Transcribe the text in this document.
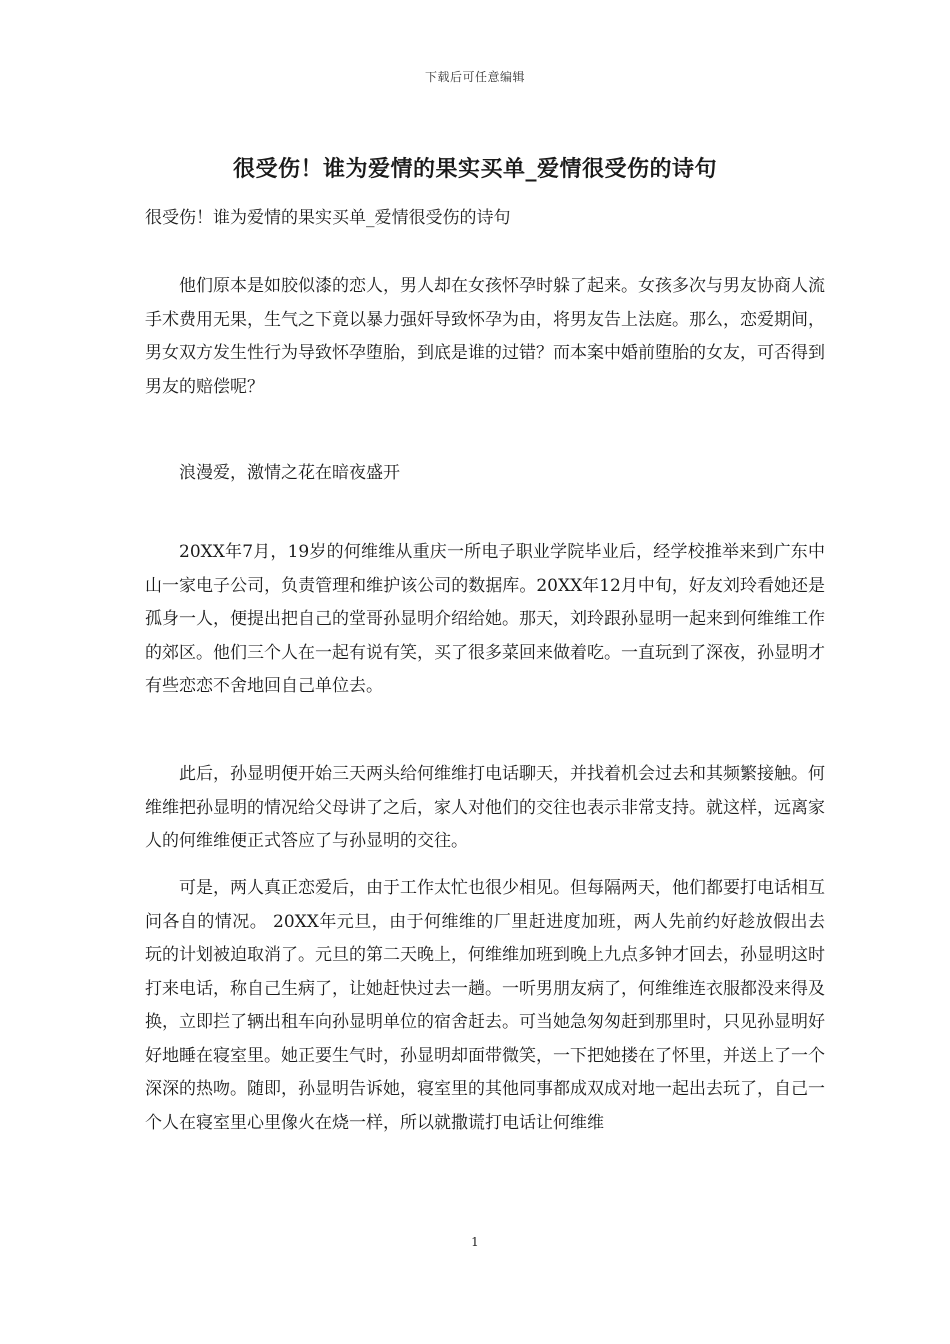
下载后可任意编辑
很受伤！谁为爱情的果实买单_爱情很受伤的诗句
很受伤！谁为爱情的果实买单_爱情很受伤的诗句

他们原本是如胶似漆的恋人，男人却在女孩怀孕时躲了起来。女孩多次与男友协商人流手术费用无果，生气之下竟以暴力强奸导致怀孕为由，将男友告上法庭。那么，恋爱期间，男女双方发生性行为导致怀孕堕胎，到底是谁的过错？而本案中婚前堕胎的女友，可否得到男友的赔偿呢？

浪漫爱，激情之花在暗夜盛开

20XX年7月，19岁的何维维从重庆一所电子职业学院毕业后，经学校推举来到广东中山一家电子公司，负责管理和维护该公司的数据库。20XX年12月中旬，好友刘玲看她还是孤身一人，便提出把自己的堂哥孙显明介绍给她。那天，刘玲跟孙显明一起来到何维维工作的郊区。他们三个人在一起有说有笑，买了很多菜回来做着吃。一直玩到了深夜，孙显明才有些恋恋不舍地回自己单位去。

此后，孙显明便开始三天两头给何维维打电话聊天，并找着机会过去和其频繁接触。何维维把孙显明的情况给父母讲了之后，家人对他们的交往也表示非常支持。就这样，远离家人的何维维便正式答应了与孙显明的交往。

可是，两人真正恋爱后，由于工作太忙也很少相见。但每隔两天，他们都要打电话相互问各自的情况。 20XX年元旦，由于何维维的厂里赶进度加班，两人先前约好趁放假出去玩的计划被迫取消了。元旦的第二天晚上，何维维加班到晚上九点多钟才回去，孙显明这时打来电话，称自己生病了，让她赶快过去一趟。一听男朋友病了，何维维连衣服都没来得及换，立即拦了辆出租车向孙显明单位的宿舍赶去。可当她急匆匆赶到那里时，只见孙显明好好地睡在寝室里。她正要生气时，孙显明却面带微笑，一下把她搂在了怀里，并送上了一个深深的热吻。随即，孙显明告诉她，寝室里的其他同事都成双成对地一起出去玩了，自己一个人在寝室里心里像火在烧一样，所以就撒谎打电话让何维维

1
